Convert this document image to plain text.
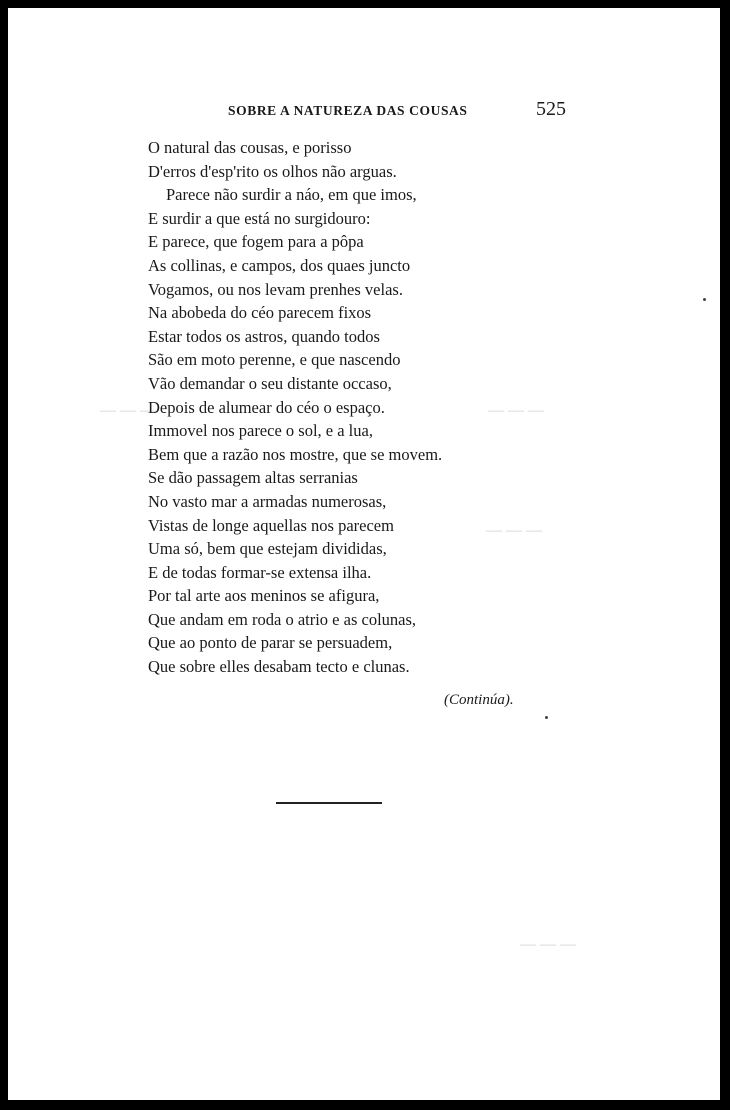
— — —	— — —
— — —
— — —
SOBRE A NATUREZA DAS COUSAS	525
O natural das cousas, e porisso
D'erros d'esp'rito os olhos não arguas.
Parece não surdir a náo, em que imos,
E surdir a que está no surgidouro:
E parece, que fogem para a pôpa
As collinas, e campos, dos quaes juncto
Vogamos, ou nos levam prenhes velas.
Na abobeda do céo parecem fixos
Estar todos os astros, quando todos
São em moto perenne, e que nascendo
Vão demandar o seu distante occaso,
Depois de alumear do céo o espaço.
Immovel nos parece o sol, e a lua,
Bem que a razão nos mostre, que se movem.
Se dão passagem altas serranias
No vasto mar a armadas numerosas,
Vistas de longe aquellas nos parecem
Uma só, bem que estejam divididas,
E de todas formar-se extensa ilha.
Por tal arte aos meninos se afigura,
Que andam em roda o atrio e as colunas,
Que ao ponto de parar se persuadem,
Que sobre elles desabam tecto e clunas.
(Continúa).
